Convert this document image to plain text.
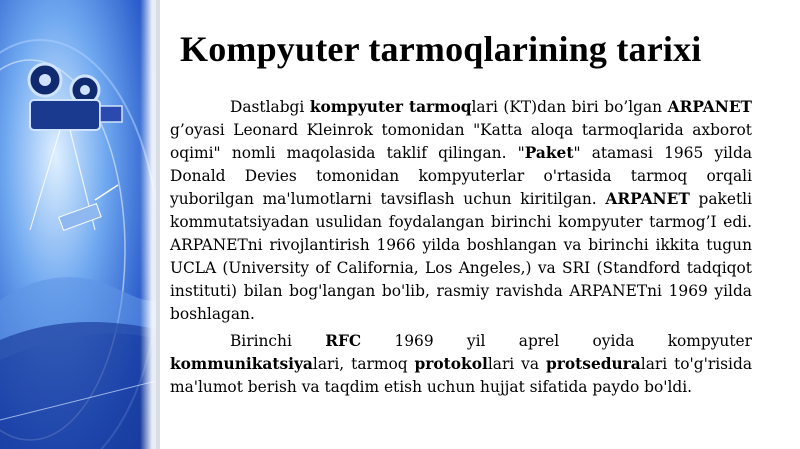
Kompyuter tarmoqlarining tarixi

Dastlabgi kompyuter tarmoqlari (KT)dan biri bo’lgan ARPANET g’oyasi Leonard Kleinrok tomonidan "Katta aloqa tarmoqlarida axborot oqimi" nomli maqolasida taklif qilingan. "Paket" atamasi 1965 yilda Donald Devies tomonidan kompyuterlar o'rtasida tarmoq orqali yuborilgan ma'lumotlarni tavsiflash uchun kiritilgan. ARPANET paketli kommutatsiyadan usulidan foydalangan birinchi kompyuter tarmog’I edi. ARPANETni rivojlantirish 1966 yilda boshlangan va birinchi ikkita tugun UCLA (University of California, Los Angeles,) va SRI (Standford tadqiqot instituti) bilan bog'langan bo'lib, rasmiy ravishda ARPANETni 1969 yilda boshlagan.

Birinchi RFC 1969 yil aprel oyida kompyuter kommunikatsiyalari, tarmoq protokollari va protseduralari to'g'risida ma'lumot berish va taqdim etish uchun hujjat sifatida paydo bo'ldi.
